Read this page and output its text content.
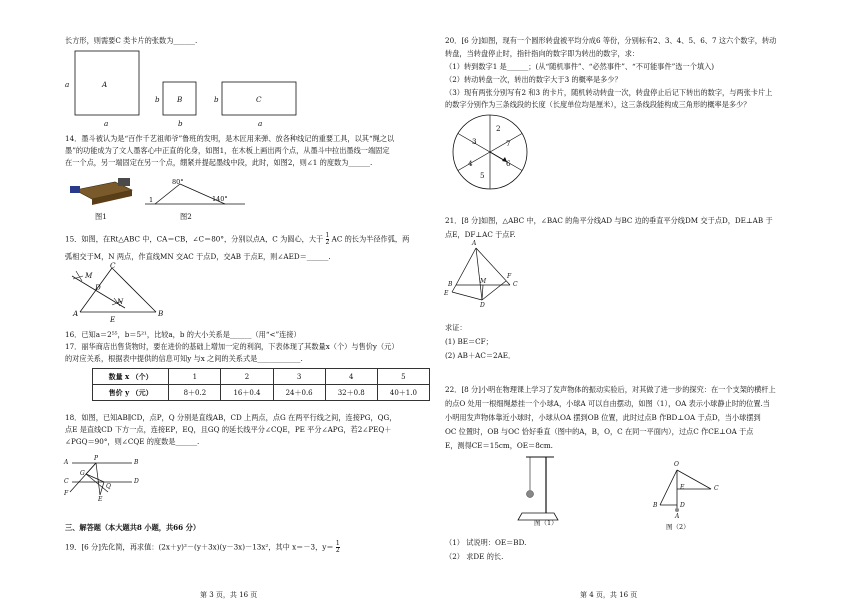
长方形，则需要C 类卡片的张数为______.
A
a
a
B
b
b
C
b
a
14．墨斗被认为是“百作千艺祖师爷”鲁班的发明，是木匠用来弹、放各种线记的重要工具，以其“绳之以
墨”的功能成为了文人墨客心中正直的化身，如图1，在木板上画出两个点，从墨斗中拉出墨线一端固定
在一个点，另一端固定在另一个点，绷紧并提起墨线中段，此时，如图2，则∠1 的度数为______.
80°
140°
1
图1	图2
15．如图，在Rt△ABC 中，CA＝CB，∠C＝80°，分别以点A，C 为圆心，大于 $\frac{1}{2}$ AC 的长为半径作弧，两
弧相交于M，N 两点，作直线MN 交AC 于点D，交AB 于点E，则∠AED＝______.
C
M
D
N
A
E
B
16．已知a＝2⁵⁵，b＝5²¹，比较a，b 的大小关系是______（用“<”连接）
17．丽华商店出售货物时，要在进价的基础上增加一定的利润，下表体现了其数量x（个）与售价y（元）
的对应关系，根据表中提供的信息可知y 与x 之间的关系式是____________.
数量 x （个）	1	2	3	4	5
售价 y （元）	8＋0.2	16＋0.4	24＋0.6	32＋0.8	40＋1.0
18．如图，已知AB∥CD，点P，Q 分别是直线AB，CD 上两点，点G 在两平行线之间，连接PG，QG，
点E 是直线CD 下方一点，连接EP，EQ，且GQ 的延长线平分∠CQE，PE 平分∠APG，若2∠PEQ＋
∠PGQ＝90°，则∠CQE 的度数是______.
A	B
P
G
C	D
Q
E
F
三、解答题（本大题共8 小题，共66 分）
19．[6 分]先化简，再求值：(2x＋y)²－(y＋3x)(y－3x)－13x²，其中 x＝－3，$y= \frac{1}{2}$
第 3 页，共 16 页
20．[6 分]如图，现有一个圆形转盘被平均分成6 等份，分别标有2、3、4、5、6、7 这六个数字，转动
转盘，当转盘停止时，指针指向的数字即为转出的数字，求：
（1）转到数字1 是______；(从“随机事件”、“必然事件”、“不可能事件”选一个填入)
（2）转动转盘一次，转出的数字大于3 的概率是多少？
（3）现有两张分别写有2 和3 的卡片，随机转动转盘一次，转盘停止后记下转出的数字，与两张卡片上
的数字分别作为三条线段的长度（长度单位均是厘米），这三条线段能构成三角形的概率是多少？
2
7
6
5
4
3
21．[8 分]如图，△ABC 中，∠BAC 的角平分线AD 与BC 边的垂直平分线DM 交于点D，DE⊥AB 于
点E，DF⊥AC 于点F.
A
B	M	C
F
E
D
求证：
(1) BE＝CF；
(2) AB＋AC＝2AE．
22．[8 分]小明在物理课上学习了发声物体的振动实验后，对其做了进一步的探究：在一个支架的横杆上
的点O 处用一根细绳悬挂一个小球A，小球A 可以自由摆动，如图（1），OA 表示小球静止时的位置.当
小明用发声物体靠近小球时，小球从OA 摆到OB 位置，此时过点B 作BD⊥OA 于点D，当小球摆到
OC 位置时，OB 与OC 恰好垂直（图中的A，B，O，C 在同一平面内），过点C 作CE⊥OA 于点
E，测得CE＝15cm，OE＝8cm.
图（1）
O
B
C
D
E
A
图（2）
（1） 试说明：OE＝BD.
（2） 求DE 的长.
第 4 页，共 16 页
